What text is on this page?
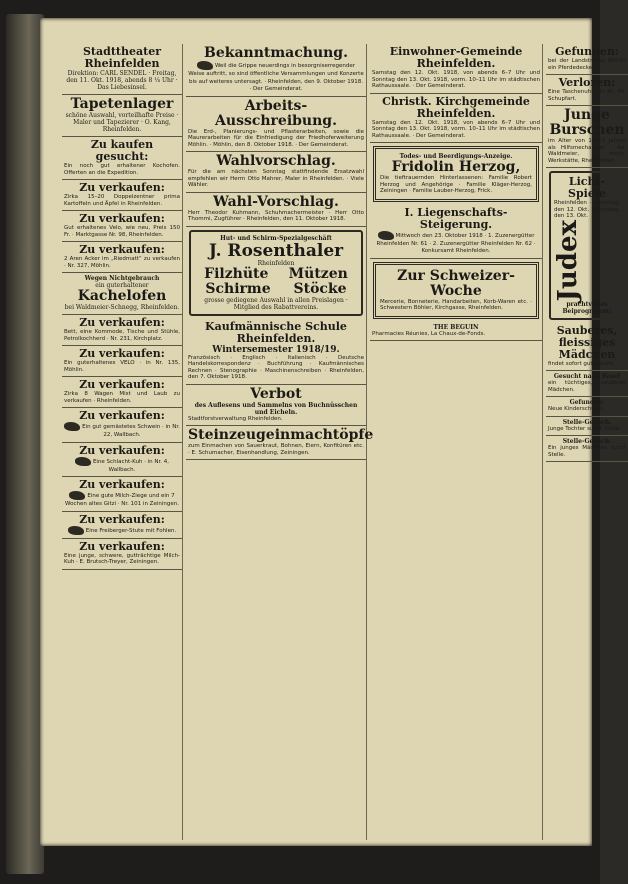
Stadttheater Rheinfelden
Direktion: CARL SENDEL · Freitag, den 11. Okt. 1918, abends 8 ¼ Uhr · Das Liebesinsel.
Tapetenlager
schöne Auswahl, vorteilhafte Preise · Maler und Tapezierer · O. Kang, Rheinfelden.
Zu kaufen gesucht:
Ein noch gut erhaltener Kochofen. Offerten an die Expedition.
Zu verkaufen:
Zirka 15–20 Doppelzentner prima Kartoffeln und Äpfel in Rheinfelden.
Zu verkaufen:
Gut erhaltenes Velo, wie neu, Preis 150 Fr. · Marktgasse Nr. 98, Rheinfelden.
Zu verkaufen:
2 Aren Acker im „Riedmatt“ zu verkaufen · Nr. 327, Möhlin.
Wegen Nichtgebrauch
ein guterhaltener
Kachelofen
bei Waldmeier-Schnegg, Rheinfelden.
Zu verkaufen:
Bett, eine Kommode, Tische und Stühle, Petrolkochherd · Nr. 231, Kirchplatz.
Zu verkaufen:
Ein guterhaltenes VELO · in Nr. 135, Möhlin.
Zu verkaufen:
Zirka 8 Wagen Mist und Laub zu verkaufen · Rheinfelden.
Zu verkaufen:
Ein gut gemästetes Schwein · in Nr. 22, Wallbach.
Zu verkaufen:
Eine Schlacht-Kuh · in Nr. 4, Wallbach.
Zu verkaufen:
Eine gute Milch-Ziege und ein 7 Wochen altes Gitzi · Nr. 101 in Zeiningen.
Zu verkaufen:
Eine Freiberger-Stute mit Fohlen.
Zu verkaufen:
Eine junge, schwere, gutträchtige Milch-Kuh · E. Brutsch-Treyer, Zeiningen.
Bekanntmachung.
Weil die Grippe neuerdings in besorgniserregender Weise auftritt, so sind öffentliche Versammlungen und Konzerte bis auf weiteres untersagt. · Rheinfelden, den 9. Oktober 1918. · Der Gemeinderat.
Arbeits-Ausschreibung.
Die Erd-, Planierungs- und Pflasterarbeiten, sowie die Maurerarbeiten für die Einfriedigung der Friedhoferweiterung Möhlin. · Möhlin, den 8. Oktober 1918. · Der Gemeinderat.
Wahlvorschlag.
Für die am nächsten Sonntag stattfindende Ersatzwahl empfehlen wir Herrn Otto Mahrer, Maler in Rheinfelden. · Viele Wähler.
Wahl-Vorschlag.
Herr Theodor Kuhmann, Schuhmachermeister · Herr Otto Thommi, Zugführer · Rheinfelden, den 11. Oktober 1918.
Hut- und Schirm-Spezialgeschäft
J. Rosenthaler
Rheinfelden
Filzhüte Mützen
Schirme Stöcke
grosse gediegene Auswahl in allen Preislagen · Mitglied des Rabattvereins.
Kaufmännische Schule Rheinfelden.
Wintersemester 1918/19.
Französisch · Englisch · Italienisch · Deutsche Handelskorrespondenz · Buchführung · Kaufmännisches Rechnen · Stenographie · Maschinenschreiben · Rheinfelden, den 7. Oktober 1918.
Verbot
des Auflesens und Sammelns von Buchnüsschen und Eicheln.
Stadtforstverwaltung Rheinfelden.
Steinzeugeinmachtöpfe
zum Einmachen von Sauerkraut, Bohnen, Eiern, Konfitüren etc. · E. Schumacher, Eisenhandlung, Zeiningen.
Einwohner-Gemeinde Rheinfelden.
Samstag den 12. Okt. 1918, von abends 6–7 Uhr und Sonntag den 13. Okt. 1918, vorm. 10–11 Uhr im städtischen Rathaussaale. · Der Gemeinderat.
Christk. Kirchgemeinde Rheinfelden.
Samstag den 12. Okt. 1918, von abends 6–7 Uhr und Sonntag den 13. Okt. 1918, vorm. 10–11 Uhr im städtischen Rathaussaale. · Der Gemeinderat.
Todes- und Beerdigungs-Anzeige.
Fridolin Herzog,
Die tieftrauernden Hinterlassenen: Familie Robert Herzog und Angehörige · Familie Kläger-Herzog, Zeiningen · Familie Lauber-Herzog, Frick.
I. Liegenschafts-Steigerung.
Mittwoch den 23. Oktober 1918 · 1. Zuzenergütter Rheinfelden Nr. 61 · 2. Zuzenergütter Rheinfelden Nr. 62 · Konkursamt Rheinfelden.
Zur Schweizer-Woche
Mercerie, Bonneterie, Handarbeiten, Korb-Waren etc. · Schwestern Böhler, Kirchgasse, Rheinfelden.
THE BEGUIN
Pharmacies Réunies, La Chaux-de-Fonds.
Gefunden:
bei der Landstrasse Möhlin ein Pferdedecke.
Verloren:
Eine Taschenuhr · In Nr. 46, Schupfart.
Junge Burschen
im Alter von 16–17 Jahren als Hilfsmechaniker · Ad. Waldmeier, mech. Werkstätte, Rheinfelden.
Licht-Spiele
Rheinfelden · Samstag, den 12. Okt. · Sonntag, den 13. Okt.
Judex
prachtvolles Beiprogramm!
Sauberes, fleissiges Mädchen
findet sofort gute Stelle.
Gesucht nach Basel
ein tüchtiges, sauberes Mädchen.
Gefunden:
Neue Kinderschuhe.
Stelle-Gesuch.
Junge Tochter sucht Stelle.
Stelle-Gesuch.
Ein junges Mädchen sucht Stelle.
